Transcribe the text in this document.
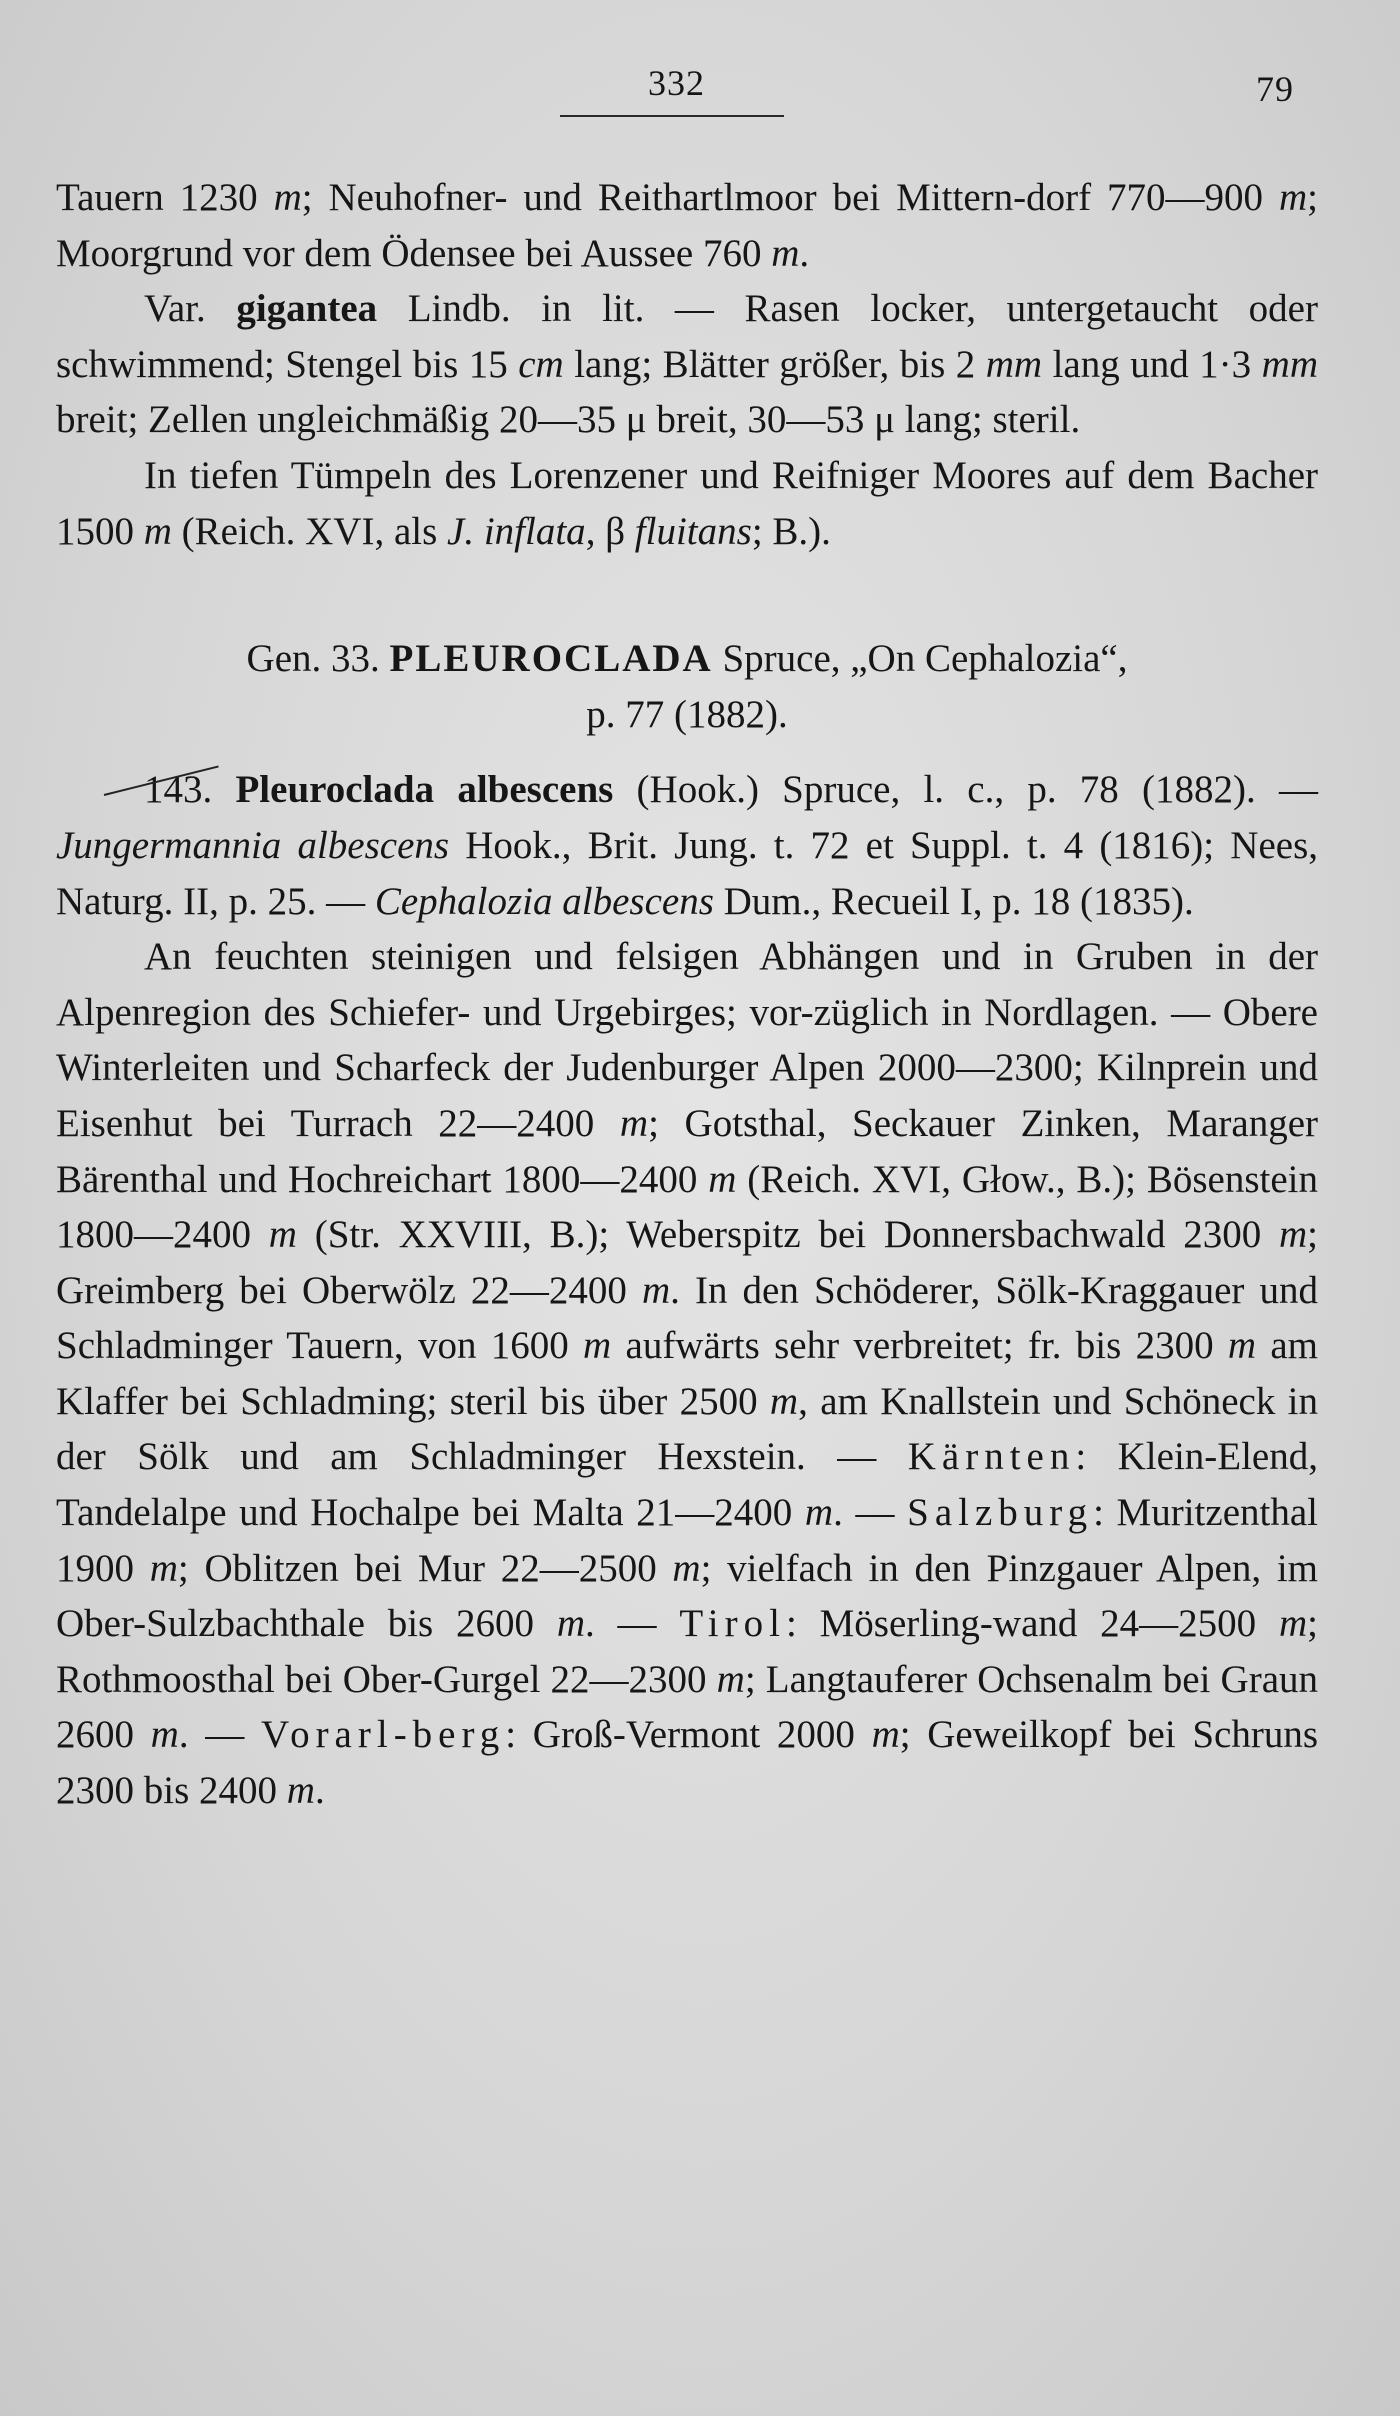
332	79

Tauern 1230 m; Neuhofner- und Reithartlmoor bei Mittern-dorf 770—900 m; Moorgrund vor dem Ödensee bei Aussee 760 m.

Var. gigantea Lindb. in lit. — Rasen locker, untergetaucht oder schwimmend; Stengel bis 15 cm lang; Blätter größer, bis 2 mm lang und 1·3 mm breit; Zellen ungleichmäßig 20—35 μ breit, 30—53 μ lang; steril.

In tiefen Tümpeln des Lorenzener und Reifniger Moores auf dem Bacher 1500 m (Reich. XVI, als J. inflata, β fluitans; B.).

Gen. 33. PLEUROCLADA Spruce, „On Cephalozia“,
p. 77 (1882).

143. Pleuroclada albescens (Hook.) Spruce, l. c., p. 78 (1882). — Jungermannia albescens Hook., Brit. Jung. t. 72 et Suppl. t. 4 (1816); Nees, Naturg. II, p. 25. — Cephalozia albescens Dum., Recueil I, p. 18 (1835).

An feuchten steinigen und felsigen Abhängen und in Gruben in der Alpenregion des Schiefer- und Urgebirges; vor-züglich in Nordlagen. — Obere Winterleiten und Scharfeck der Judenburger Alpen 2000—2300; Kilnprein und Eisenhut bei Turrach 22—2400 m; Gotsthal, Seckauer Zinken, Maranger Bärenthal und Hochreichart 1800—2400 m (Reich. XVI, Głow., B.); Bösenstein 1800—2400 m (Str. XXVIII, B.); Weberspitz bei Donnersbachwald 2300 m; Greimberg bei Oberwölz 22—2400 m. In den Schöderer, Sölk-Kraggauer und Schladminger Tauern, von 1600 m aufwärts sehr verbreitet; fr. bis 2300 m am Klaffer bei Schladming; steril bis über 2500 m, am Knallstein und Schöneck in der Sölk und am Schladminger Hexstein. — Kärnten: Klein-Elend, Tandelalpe und Hochalpe bei Malta 21—2400 m. — Salzburg: Muritzenthal 1900 m; Oblitzen bei Mur 22—2500 m; vielfach in den Pinzgauer Alpen, im Ober-Sulzbachthale bis 2600 m. — Tirol: Möserling-wand 24—2500 m; Rothmoosthal bei Ober-Gurgel 22—2300 m; Langtauferer Ochsenalm bei Graun 2600 m. — Vorarl-berg: Groß-Vermont 2000 m; Geweilkopf bei Schruns 2300 bis 2400 m.
